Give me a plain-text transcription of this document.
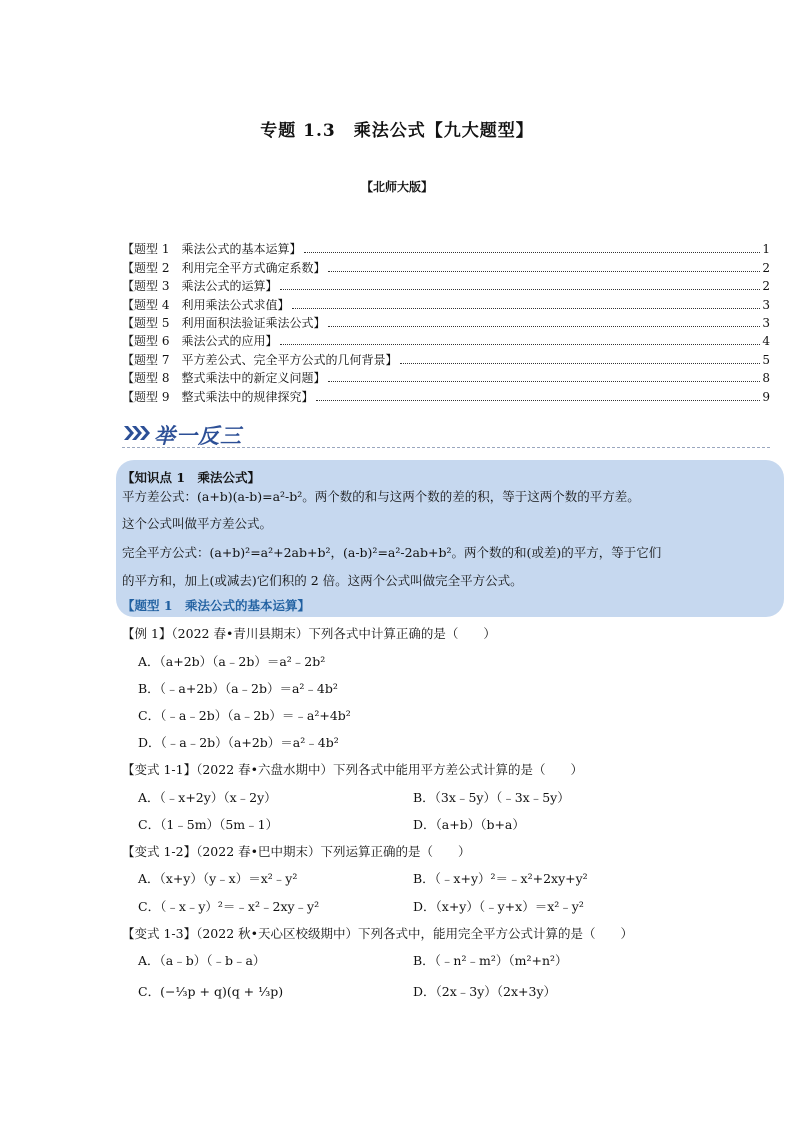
专题 1.3　乘法公式【九大题型】
【北师大版】
【题型 1　乘法公式的基本运算】	1
【题型 2　利用完全平方式确定系数】	2
【题型 3　乘法公式的运算】	2
【题型 4　利用乘法公式求值】	3
【题型 5　利用面积法验证乘法公式】	3
【题型 6　乘法公式的应用】	4
【题型 7　平方差公式、完全平方公式的几何背景】	5
【题型 8　整式乘法中的新定义问题】	8
【题型 9　整式乘法中的规律探究】	9
举一反三
【知识点 1　乘法公式】
平方差公式：(a+b)(a-b)=a²-b²。两个数的和与这两个数的差的积，等于这两个数的平方差。
这个公式叫做平方差公式。
完全平方公式：(a+b)²=a²+2ab+b²，(a-b)²=a²-2ab+b²。两个数的和(或差)的平方，等于它们
的平方和，加上(或减去)它们积的 2 倍。这两个公式叫做完全平方公式。
【题型 1　乘法公式的基本运算】
【例 1】（2022 春•青川县期末）下列各式中计算正确的是（　　）
A．（a+2b）（a﹣2b）＝a²﹣2b²
B．（﹣a+2b）（a﹣2b）＝a²﹣4b²
C．（﹣a﹣2b）（a﹣2b）＝﹣a²+4b²
D．（﹣a﹣2b）（a+2b）＝a²﹣4b²
【变式 1-1】（2022 春•六盘水期中）下列各式中能用平方差公式计算的是（　　）
A．（﹣x+2y）（x﹣2y）	B．（3x﹣5y）（﹣3x﹣5y）
C．（1﹣5m）（5m﹣1）	D．（a+b）（b+a）
【变式 1-2】（2022 春•巴中期末）下列运算正确的是（　　）
A．（x+y）（y﹣x）＝x²﹣y²	B．（﹣x+y）²＝﹣x²+2xy+y²
C．（﹣x﹣y）²＝﹣x²﹣2xy﹣y²	D．（x+y）（﹣y+x）＝x²﹣y²
【变式 1-3】（2022 秋•天心区校级期中）下列各式中，能用完全平方公式计算的是（　　）
A．（a﹣b）（﹣b﹣a）	B．（﹣n²﹣m²）（m²+n²）
C．(−⅓p + q)(q + ⅓p)	D．（2x﹣3y）（2x+3y）
